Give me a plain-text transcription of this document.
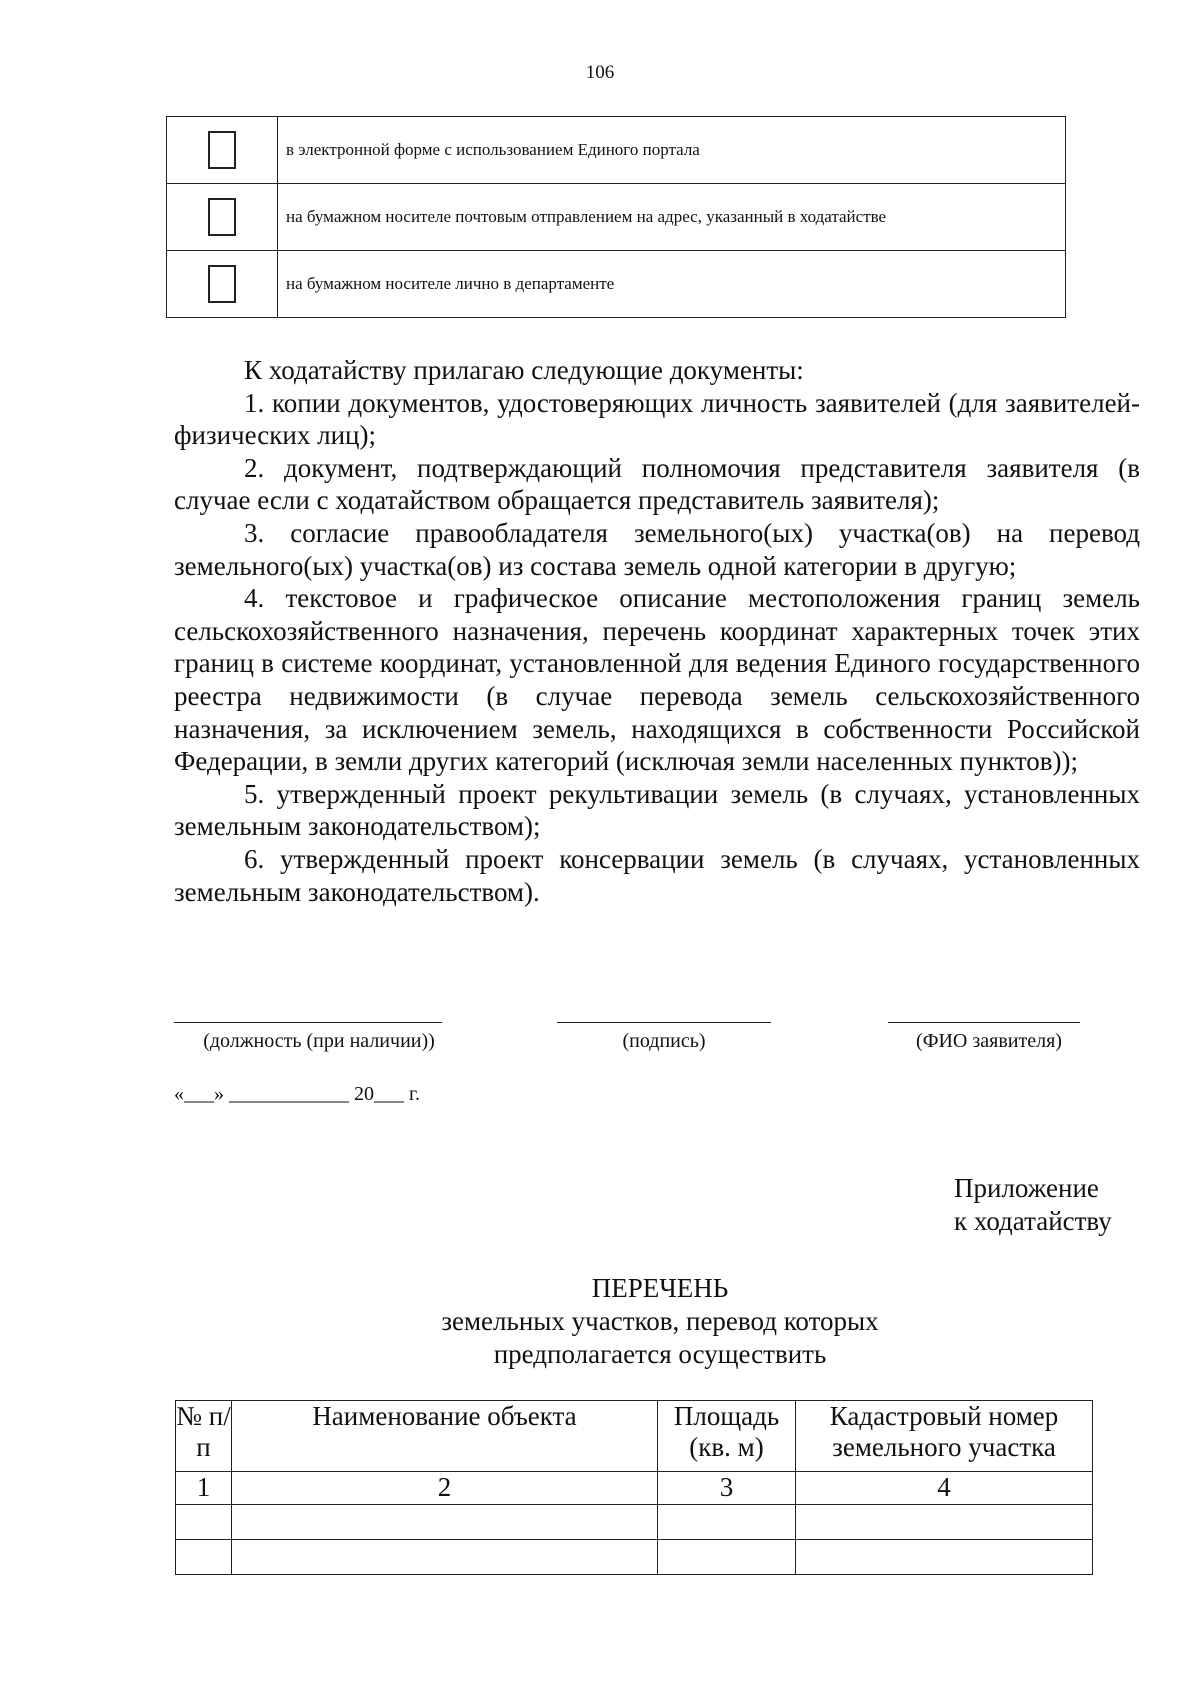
106
	в электронной форме с использованием Единого портала
	на бумажном носителе почтовым отправлением на адрес, указанный в ходатайстве
	на бумажном носителе лично в департаменте

К ходатайству прилагаю следующие документы:

1. копии документов, удостоверяющих личность заявителей (для заявителей- физических лиц);

2. документ, подтверждающий полномочия представителя заявителя (в случае если с ходатайством обращается представитель заявителя);

3. согласие правообладателя земельного(ых) участка(ов) на перевод земельного(ых) участка(ов) из состава земель одной категории в другую;

4. текстовое и графическое описание местоположения границ земель сельскохозяйственного назначения, перечень координат характерных точек этих границ в системе координат, установленной для ведения Единого государственного реестра недвижимости (в случае перевода земель сельскохозяйственного назначения, за исключением земель, находящихся в собственности Российской Федерации, в земли других категорий (исключая земли населенных пунктов));

5. утвержденный проект рекультивации земель (в случаях, установленных земельным законодательством);

6. утвержденный проект консервации земель (в случаях, установленных земельным законодательством).

(должность (при наличии))	(подпись)	(ФИО заявителя)
«___» ____________ 20___ г.
Приложение
к ходатайству
ПЕРЕЧЕНЬ
земельных участков, перевод которых
предполагается осуществить
№ п/п	Наименование объекта	Площадь (кв. м)	Кадастровый номер земельного участка
1	2	3	4
